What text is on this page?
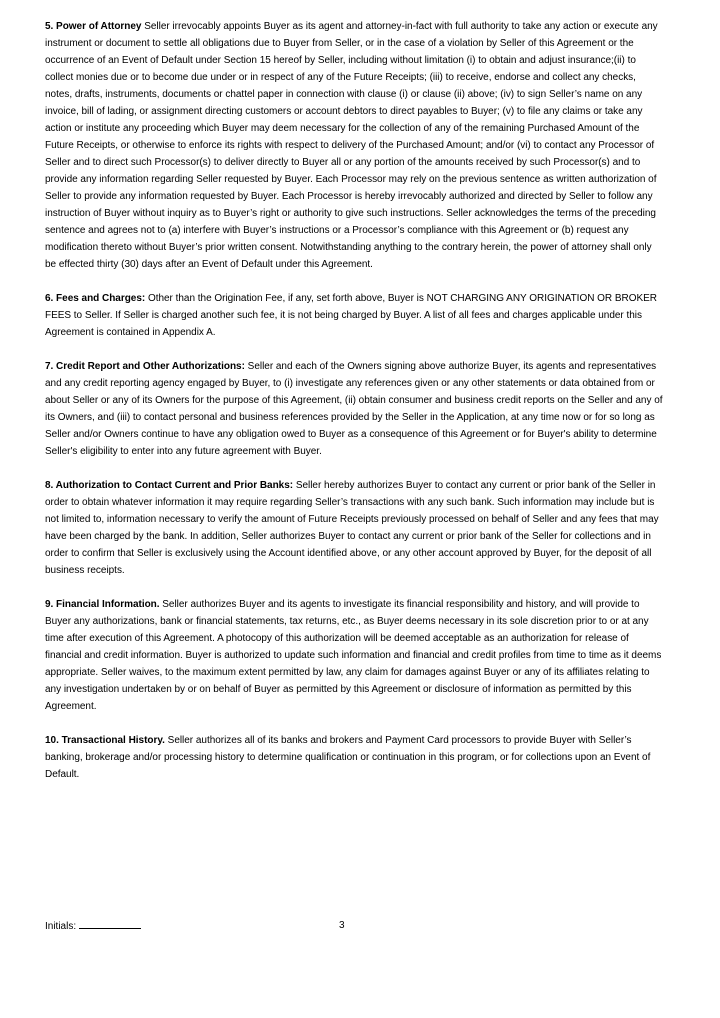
5. Power of Attorney Seller irrevocably appoints Buyer as its agent and attorney-in-fact with full authority to take any action or execute any instrument or document to settle all obligations due to Buyer from Seller, or in the case of a violation by Seller of this Agreement or the occurrence of an Event of Default under Section 15 hereof by Seller, including without limitation (i) to obtain and adjust insurance;(ii) to collect monies due or to become due under or in respect of any of the Future Receipts; (iii) to receive, endorse and collect any checks, notes, drafts, instruments, documents or chattel paper in connection with clause (i) or clause (ii) above; (iv) to sign Seller’s name on any invoice, bill of lading, or assignment directing customers or account debtors to direct payables to Buyer; (v) to file any claims or take any action or institute any proceeding which Buyer may deem necessary for the collection of any of the remaining Purchased Amount of the Future Receipts, or otherwise to enforce its rights with respect to delivery of the Purchased Amount; and/or (vi) to contact any Processor of Seller and to direct such Processor(s) to deliver directly to Buyer all or any portion of the amounts received by such Processor(s) and to provide any information regarding Seller requested by Buyer. Each Processor may rely on the previous sentence as written authorization of Seller to provide any information requested by Buyer. Each Processor is hereby irrevocably authorized and directed by Seller to follow any instruction of Buyer without inquiry as to Buyer’s right or authority to give such instructions. Seller acknowledges the terms of the preceding sentence and agrees not to (a) interfere with Buyer’s instructions or a Processor’s compliance with this Agreement or (b) request any modification thereto without Buyer’s prior written consent. Notwithstanding anything to the contrary herein, the power of attorney shall only be effected thirty (30) days after an Event of Default under this Agreement.

6. Fees and Charges: Other than the Origination Fee, if any, set forth above, Buyer is NOT CHARGING ANY ORIGINATION OR BROKER FEES to Seller. If Seller is charged another such fee, it is not being charged by Buyer. A list of all fees and charges applicable under this Agreement is contained in Appendix A.

7. Credit Report and Other Authorizations: Seller and each of the Owners signing above authorize Buyer, its agents and representatives and any credit reporting agency engaged by Buyer, to (i) investigate any references given or any other statements or data obtained from or about Seller or any of its Owners for the purpose of this Agreement, (ii) obtain consumer and business credit reports on the Seller and any of its Owners, and (iii) to contact personal and business references provided by the Seller in the Application, at any time now or for so long as Seller and/or Owners continue to have any obligation owed to Buyer as a consequence of this Agreement or for Buyer's ability to determine Seller's eligibility to enter into any future agreement with Buyer.

8. Authorization to Contact Current and Prior Banks: Seller hereby authorizes Buyer to contact any current or prior bank of the Seller in order to obtain whatever information it may require regarding Seller’s transactions with any such bank. Such information may include but is not limited to, information necessary to verify the amount of Future Receipts previously processed on behalf of Seller and any fees that may have been charged by the bank. In addition, Seller authorizes Buyer to contact any current or prior bank of the Seller for collections and in order to confirm that Seller is exclusively using the Account identified above, or any other account approved by Buyer, for the deposit of all business receipts.

9. Financial Information. Seller authorizes Buyer and its agents to investigate its financial responsibility and history, and will provide to Buyer any authorizations, bank or financial statements, tax returns, etc., as Buyer deems necessary in its sole discretion prior to or at any time after execution of this Agreement. A photocopy of this authorization will be deemed acceptable as an authorization for release of financial and credit information. Buyer is authorized to update such information and financial and credit profiles from time to time as it deems appropriate. Seller waives, to the maximum extent permitted by law, any claim for damages against Buyer or any of its affiliates relating to any investigation undertaken by or on behalf of Buyer as permitted by this Agreement or disclosure of information as permitted by this Agreement.

10. Transactional History. Seller authorizes all of its banks and brokers and Payment Card processors to provide Buyer with Seller’s banking, brokerage and/or processing history to determine qualification or continuation in this program, or for collections upon an Event of Default.

Initials:	3
